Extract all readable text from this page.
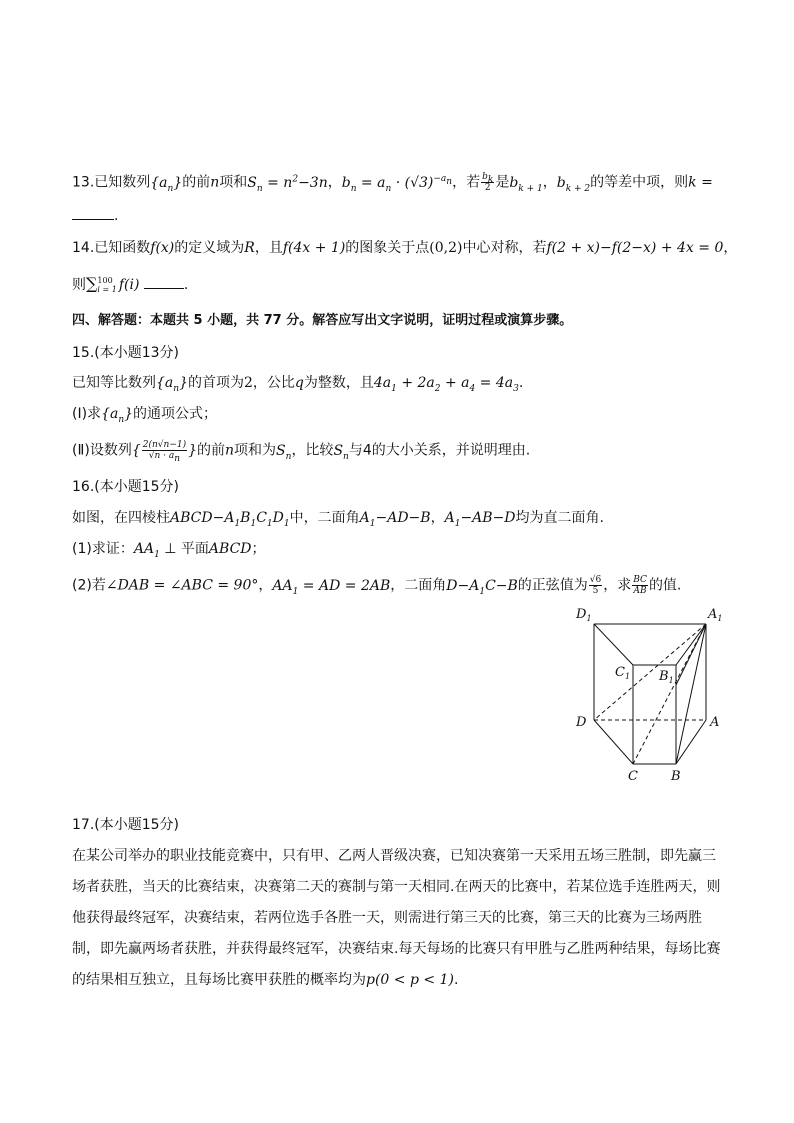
13.已知数列$\{a_n\}$的前n项和$S_n = n^2-3n$，$b_n = a_n \cdot (√3)^{-a_n}$，若 $\frac{b_k}{2}$ 是$b_{k + 1}$，$b_{k + 2}$的等差中项，则k =
.
14.已知函数f(x)的定义域为R，且f(4x + 1)的图象关于点(0,2)中心对称，若f(2 + x)−f(2−x) + 4x = 0，
则∑ 100
i = 1 f(i)	.
四、解答题：本题共 5 小题，共 77 分。解答应写出文字说明，证明过程或演算步骤。
15.(本小题13分)
已知等比数列$\{a_n\}$的首项为2，公比q为整数，且$4a_1 + 2a_2 + a_4 = 4a_3$.
(Ⅰ)求$\{a_n\}$的通项公式；
(Ⅱ)设数列{ $\frac{2(n√n-1)}{√n \cdot a_n}$ }的前n项和为$S_n$，比较$S_n$与4的大小关系，并说明理由.
16.(本小题15分)
如图，在四棱柱$ABCD-A_1B_1C_1D_1$中，二面角$A_1-AD-B$，$A_1-AB-D$均为直二面角.
(1)求证：$AA_1$ ⊥ 平面ABCD；
(2)若∠DAB = ∠ABC = 90°，$AA_1$ = AD = 2AB，二面角$D-A_1C-B$的正弦值为 $\frac{√6}{5}$ ，求 $\frac{BC}{AB}$ 的值.
$D_1$	$A_1$
$C_1$ $B_1$
D	A
C	B
17.(本小题15分)
在某公司举办的职业技能竞赛中，只有甲、乙两人晋级决赛，已知决赛第一天采用五场三胜制，即先赢三
场者获胜，当天的比赛结束，决赛第二天的赛制与第一天相同.在两天的比赛中，若某位选手连胜两天，则
他获得最终冠军，决赛结束，若两位选手各胜一天，则需进行第三天的比赛，第三天的比赛为三场两胜
制，即先赢两场者获胜，并获得最终冠军，决赛结束.每天每场的比赛只有甲胜与乙胜两种结果，每场比赛
的结果相互独立，且每场比赛甲获胜的概率均为p(0 < p < 1).
